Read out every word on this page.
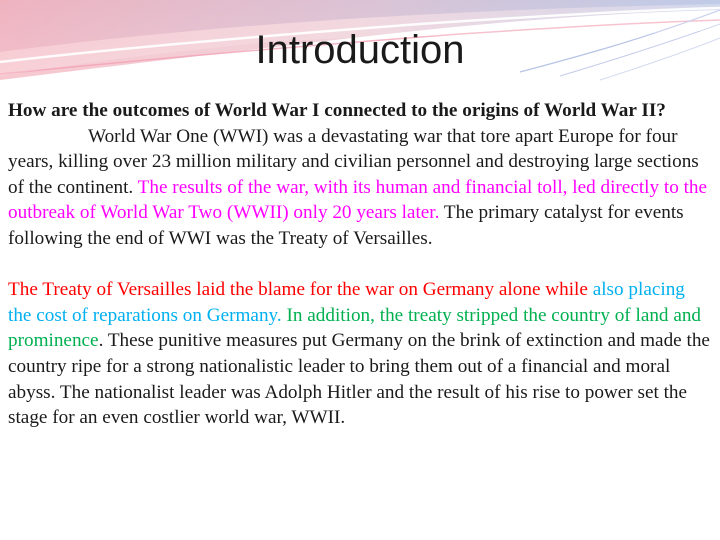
Introduction

How are the outcomes of World War I connected to the origins of World War II?

World War One (WWI) was a devastating war that tore apart Europe for four years, killing over 23 million military and civilian personnel and destroying large sections of the continent. The results of the war, with its human and financial toll, led directly to the outbreak of World War Two (WWII) only 20 years later. The primary catalyst for events following the end of WWI was the Treaty of Versailles.

The Treaty of Versailles laid the blame for the war on Germany alone while also placing the cost of reparations on Germany. In addition, the treaty stripped the country of land and prominence. These punitive measures put Germany on the brink of extinction and made the country ripe for a strong nationalistic leader to bring them out of a financial and moral abyss. The nationalist leader was Adolph Hitler and the result of his rise to power set the stage for an even costlier world war, WWII.
